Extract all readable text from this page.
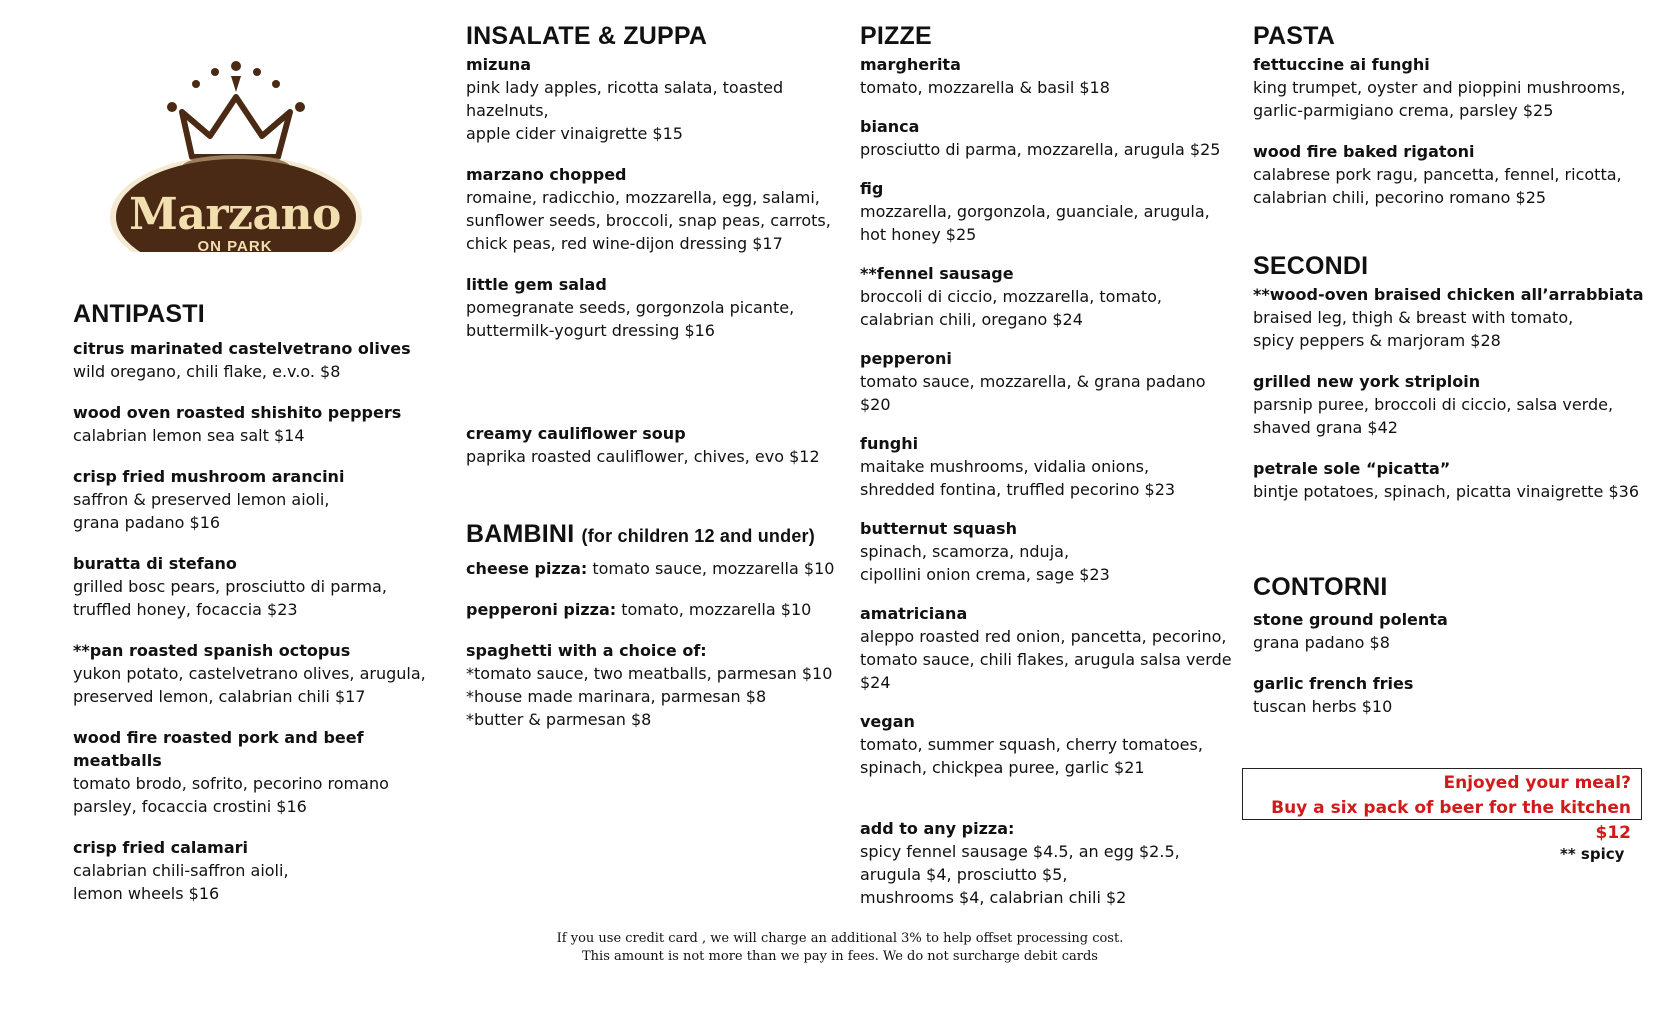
Marzano
ON PARK
ANTIPASTI
citrus marinated castelvetrano olives
wild oregano, chili flake, e.v.o. $8
wood oven roasted shishito peppers
calabrian lemon sea salt $14
crisp fried mushroom arancini
saffron & preserved lemon aioli,
grana padano $16
buratta di stefano
grilled bosc pears, prosciutto di parma,
truffled honey, focaccia $23
**pan roasted spanish octopus
yukon potato, castelvetrano olives, arugula,
preserved lemon, calabrian chili $17
wood fire roasted pork and beef meatballs
tomato brodo, sofrito, pecorino romano
parsley, focaccia crostini $16
crisp fried calamari
calabrian chili-saffron aioli,
lemon wheels $16
INSALATE & ZUPPA
mizuna
pink lady apples, ricotta salata, toasted hazelnuts,
apple cider vinaigrette $15
marzano chopped
romaine, radicchio, mozzarella, egg, salami,
sunflower seeds, broccoli, snap peas, carrots,
chick peas, red wine-dijon dressing $17
little gem salad
pomegranate seeds, gorgonzola picante,
buttermilk-yogurt dressing $16
creamy cauliflower soup
paprika roasted cauliflower, chives, evo $12
BAMBINI (for children 12 and under)
cheese pizza: tomato sauce, mozzarella $10
pepperoni pizza: tomato, mozzarella $10
spaghetti with a choice of:
*tomato sauce, two meatballs, parmesan $10
*house made marinara, parmesan $8
*butter & parmesan $8
PIZZE
margherita
tomato, mozzarella & basil $18
bianca
prosciutto di parma, mozzarella, arugula $25
fig
mozzarella, gorgonzola, guanciale, arugula,
hot honey $25
**fennel sausage
broccoli di ciccio, mozzarella, tomato,
calabrian chili, oregano $24
pepperoni
tomato sauce, mozzarella, & grana padano $20
funghi
maitake mushrooms, vidalia onions,
shredded fontina, truffled pecorino $23
butternut squash
spinach, scamorza, nduja,
cipollini onion crema, sage $23
amatriciana
aleppo roasted red onion, pancetta, pecorino,
tomato sauce, chili flakes, arugula salsa verde $24
vegan
tomato, summer squash, cherry tomatoes,
spinach, chickpea puree, garlic $21
add to any pizza:
spicy fennel sausage $4.5, an egg $2.5,
arugula $4, prosciutto $5,
mushrooms $4, calabrian chili $2
PASTA
fettuccine ai funghi
king trumpet, oyster and pioppini mushrooms,
garlic-parmigiano crema, parsley $25
wood fire baked rigatoni
calabrese pork ragu, pancetta, fennel, ricotta,
calabrian chili, pecorino romano $25
SECONDI
**wood-oven braised chicken all’arrabbiata
braised leg, thigh & breast with tomato,
spicy peppers & marjoram $28
grilled new york striploin
parsnip puree, broccoli di ciccio, salsa verde,
shaved grana $42
petrale sole “picatta”
bintje potatoes, spinach, picatta vinaigrette $36
CONTORNI
stone ground polenta
grana padano $8
garlic french fries
tuscan herbs $10
Enjoyed your meal?
Buy a six pack of beer for the kitchen $12
** spicy
If you use credit card , we will charge an additional 3% to help offset processing cost.
This amount is not more than we pay in fees. We do not surcharge debit cards
